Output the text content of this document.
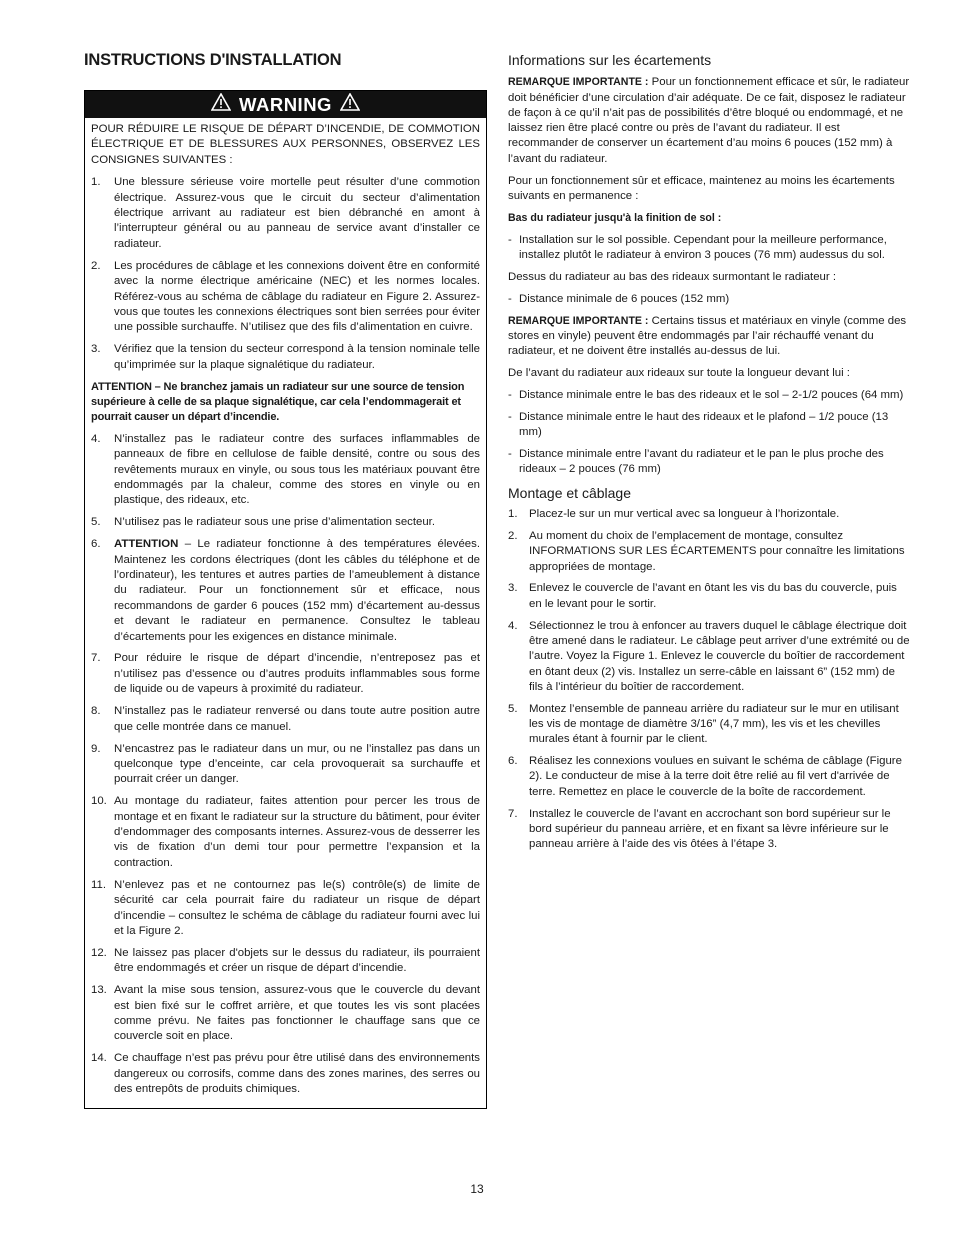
INSTRUCTIONS D'INSTALLATION
WARNING

POUR RÉDUIRE LE RISQUE DE DÉPART D’INCENDIE, DE COMMOTION ÉLECTRIQUE ET DE BLESSURES AUX PERSONNES, OBSERVEZ LES CONSIGNES SUIVANTES :

1.	Une blessure sérieuse voire mortelle peut résulter d’une commotion électrique. Assurez-vous que le circuit du secteur d’alimentation électrique arrivant au radiateur est bien débranché en amont à l’interrupteur général ou au panneau de service avant d’installer ce radiateur.
2.	Les procédures de câblage et les connexions doivent être en conformité avec la norme électrique américaine (NEC) et les normes locales. Référez-vous au schéma de câblage du radiateur en Figure 2. Assurez-vous que toutes les connexions électriques sont bien serrées pour éviter une possible surchauffe. N’utilisez que des fils d’alimentation en cuivre.
3.	Vérifiez que la tension du secteur correspond à la tension nominale telle qu’imprimée sur la plaque signalétique du radiateur.
ATTENTION – Ne branchez jamais un radiateur sur une source de tension supérieure à celle de sa plaque signalétique, car cela l’endommagerait et pourrait causer un départ d’incendie.
4.	N’installez pas le radiateur contre des surfaces inflammables de panneaux de fibre en cellulose de faible densité, contre ou sous des revêtements muraux en vinyle, ou sous tous les matériaux pouvant être endommagés par la chaleur, comme des stores en vinyle ou en plastique, des rideaux, etc.
5.	N’utilisez pas le radiateur sous une prise d’alimentation secteur.
6.	ATTENTION – Le radiateur fonctionne à des températures élevées. Maintenez les cordons électriques (dont les câbles du téléphone et de l’ordinateur), les tentures et autres parties de l’ameublement à distance du radiateur. Pour un fonctionnement sûr et efficace, nous recommandons de garder 6 pouces (152 mm) d’écartement au-dessus et devant le radiateur en permanence. Consultez le tableau d’écartements pour les exigences en distance minimale.
7.	Pour réduire le risque de départ d’incendie, n’entreposez pas et n’utilisez pas d’essence ou d’autres produits inflammables sous forme de liquide ou de vapeurs à proximité du radiateur.
8.	N’installez pas le radiateur renversé ou dans toute autre position autre que celle montrée dans ce manuel.
9.	N’encastrez pas le radiateur dans un mur, ou ne l’installez pas dans un quelconque type d’enceinte, car cela provoquerait sa surchauffe et pourrait créer un danger.
10. Au montage du radiateur, faites attention pour percer les trous de montage et en fixant le radiateur sur la structure du bâtiment, pour éviter d’endommager des composants internes. Assurez-vous de desserrer les vis de fixation d’un demi tour pour permettre l’expansion et la contraction.
11. N’enlevez pas et ne contournez pas le(s) contrôle(s) de limite de sécurité car cela pourrait faire du radiateur un risque de départ d’incendie – consultez le schéma de câblage du radiateur fourni avec lui et la Figure 2.
12. Ne laissez pas placer d'objets sur le dessus du radiateur, ils pourraient être endommagés et créer un risque de départ d’incendie.
13. Avant la mise sous tension, assurez-vous que le couvercle du devant est bien fixé sur le coffret arrière, et que toutes les vis sont placées comme prévu. Ne faites pas fonctionner le chauffage sans que ce couvercle soit en place.
14. Ce chauffage n’est pas prévu pour être utilisé dans des environnements dangereux ou corrosifs, comme dans des zones marines, des serres ou des entrepôts de produits chimiques.
Informations sur les écartements

REMARQUE IMPORTANTE : Pour un fonctionnement efficace et sûr, le radiateur doit bénéficier d’une circulation d’air adéquate. De ce fait, disposez le radiateur de façon à ce qu’il n’ait pas de possibilités d’être bloqué ou endommagé, et ne laissez rien être placé contre ou près de l’avant du radiateur. Il est recommander de conserver un écartement d’au moins 6 pouces (152 mm) à l’avant du radiateur.

Pour un fonctionnement sûr et efficace, maintenez au moins les écartements suivants en permanence :

Bas du radiateur jusqu'à la finition de sol :

- Installation sur le sol possible. Cependant pour la meilleure performance, installez plutôt le radiateur à environ 3 pouces (76 mm) audessus du sol.

Dessus du radiateur au bas des rideaux surmontant le radiateur :

- Distance minimale de 6 pouces (152 mm)

REMARQUE IMPORTANTE : Certains tissus et matériaux en vinyle (comme des stores en vinyle) peuvent être endommagés par l’air réchauffé venant du radiateur, et ne doivent être installés au-dessus de lui.

De l’avant du radiateur aux rideaux sur toute la longueur devant lui :

- Distance minimale entre le bas des rideaux et le sol – 2-1/2 pouces (64 mm)
- Distance minimale entre le haut des rideaux et le plafond – 1/2 pouce (13 mm)
- Distance minimale entre l’avant du radiateur et le pan le plus proche des rideaux – 2 pouces (76 mm)
Montage et câblage
1.	Placez-le sur un mur vertical avec sa longueur à l’horizontale.
2.	Au moment du choix de l’emplacement de montage, consultez INFORMATIONS SUR LES ÉCARTEMENTS pour connaître les limitations appropriées de montage.
3.	Enlevez le couvercle de l’avant en ôtant les vis du bas du couvercle, puis en le levant pour le sortir.
4.	Sélectionnez le trou à enfoncer au travers duquel le câblage électrique doit être amené dans le radiateur. Le câblage peut arriver d’une extrémité ou de l’autre. Voyez la Figure 1. Enlevez le couvercle du boîtier de raccordement en ôtant deux (2) vis. Installez un serre-câble en laissant 6” (152 mm) de fils à l’intérieur du boîtier de raccordement.
5.	Montez l’ensemble de panneau arrière du radiateur sur le mur en utilisant les vis de montage de diamètre 3/16” (4,7 mm), les vis et les chevilles murales étant à fournir par le client.
6.	Réalisez les connexions voulues en suivant le schéma de câblage (Figure 2). Le conducteur de mise à la terre doit être relié au fil vert d'arrivée de terre. Remettez en place le couvercle de la boîte de raccordement.
7.	Installez le couvercle de l’avant en accrochant son bord supérieur sur le bord supérieur du panneau arrière, et en fixant sa lèvre inférieure sur le panneau arrière à l’aide des vis ôtées à l’étape 3.
13
